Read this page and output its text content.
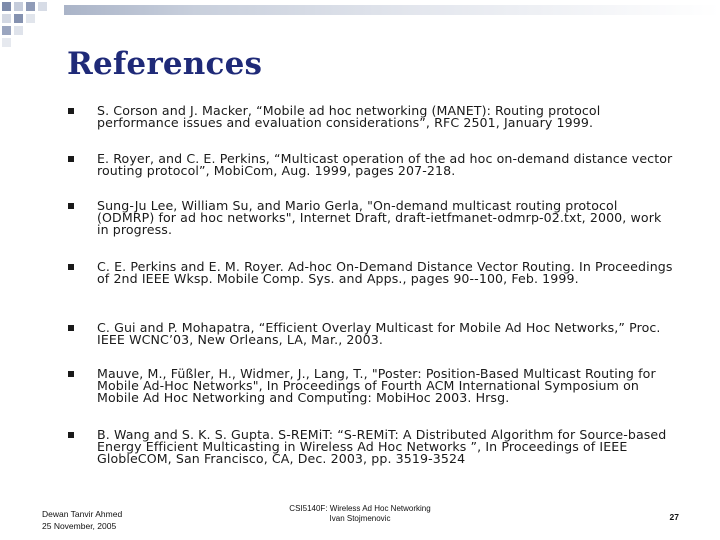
References
S. Corson and J. Macker, “Mobile ad hoc networking (MANET): Routing protocol performance issues and evaluation considerations”, RFC 2501, January 1999.
E. Royer, and C. E. Perkins, “Multicast operation of the ad hoc on-demand distance vector routing protocol”, MobiCom, Aug. 1999, pages 207-218.
Sung-Ju Lee, William Su, and Mario Gerla, "On-demand multicast routing protocol (ODMRP) for ad hoc networks", Internet Draft, draft-ietfmanet-odmrp-02.txt, 2000, work in progress.
C. E. Perkins and E. M. Royer. Ad-hoc On-Demand Distance Vector Routing. In Proceedings of 2nd IEEE Wksp. Mobile Comp. Sys. and Apps., pages 90--100, Feb. 1999.
C. Gui and P. Mohapatra, “Efficient Overlay Multicast for Mobile Ad Hoc Networks,” Proc. IEEE WCNC’03, New Orleans, LA, Mar., 2003.
Mauve, M., Füßler, H., Widmer, J., Lang, T., "Poster: Position-Based Multicast Routing for Mobile Ad-Hoc Networks", In Proceedings of Fourth ACM International Symposium on Mobile Ad Hoc Networking and Computing: MobiHoc 2003. Hrsg.
B. Wang and S. K. S. Gupta. S-REMiT: “S-REMiT: A Distributed Algorithm for Source-based Energy Efficient Multicasting in Wireless Ad Hoc Networks ”, In Proceedings of IEEE GlobleCOM, San Francisco, CA, Dec. 2003, pp. 3519-3524
Dewan Tanvir Ahmed
25 November, 2005
CSI5140F: Wireless Ad Hoc Networking
Ivan Stojmenovic	27
